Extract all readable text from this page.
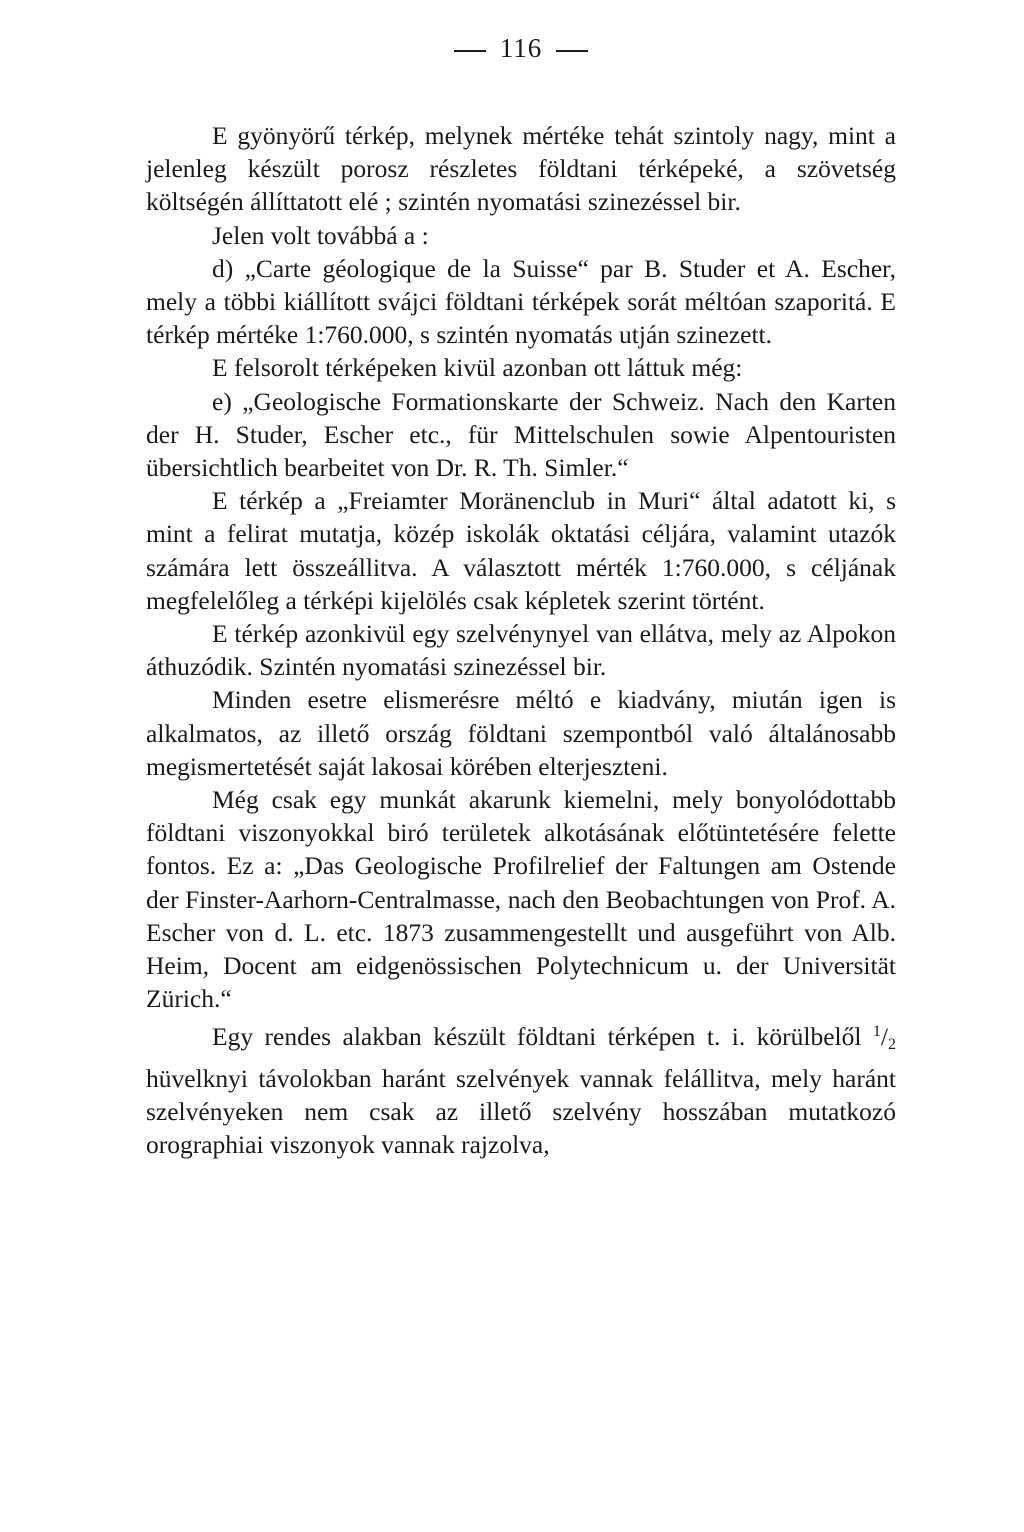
116

E gyönyörű térkép, melynek mértéke tehát szintoly nagy, mint a jelenleg készült porosz részletes földtani térképeké, a szövetség költségén állíttatott elé ; szintén nyomatási szinezéssel bir.

Jelen volt továbbá a :

d) „Carte géologique de la Suisse“ par B. Studer et A. Escher, mely a többi kiállított svájci földtani térképek sorát méltóan szaporitá. E térkép mértéke 1:760.000, s szintén nyomatás utján szinezett.

E felsorolt térképeken kivül azonban ott láttuk még:

e) „Geologische Formationskarte der Schweiz. Nach den Karten der H. Studer, Escher etc., für Mittelschulen sowie Alpentouristen übersichtlich bearbeitet von Dr. R. Th. Simler.“

E térkép a „Freiamter Moränenclub in Muri“ által adatott ki, s mint a felirat mutatja, közép iskolák oktatási céljára, valamint utazók számára lett összeállitva. A választott mérték 1:760.000, s céljának megfelelőleg a térképi kijelölés csak képletek szerint történt.

E térkép azonkivül egy szelvénynyel van ellátva, mely az Alpokon áthuzódik. Szintén nyomatási szinezéssel bir.

Minden esetre elismerésre méltó e kiadvány, miután igen is alkalmatos, az illető ország földtani szempontból való általánosabb megismertetését saját lakosai körében elterjeszteni.

Még csak egy munkát akarunk kiemelni, mely bonyolódottabb földtani viszonyokkal biró területek alkotásának előtüntetésére felette fontos. Ez a: „Das Geologische Profilrelief der Faltungen am Ostende der Finster-Aarhorn-Centralmasse, nach den Beobachtungen von Prof. A. Escher von d. L. etc. 1873 zusammengestellt und ausgeführt von Alb. Heim, Docent am eidgenössischen Polytechnicum u. der Universität Zürich.“

Egy rendes alakban készült földtani térképen t. i. körülbelől $^1$/2 hüvelknyi távolokban haránt szelvények vannak felállitva, mely haránt szelvényeken nem csak az illető szelvény hosszában mutatkozó orographiai viszonyok vannak rajzolva,
